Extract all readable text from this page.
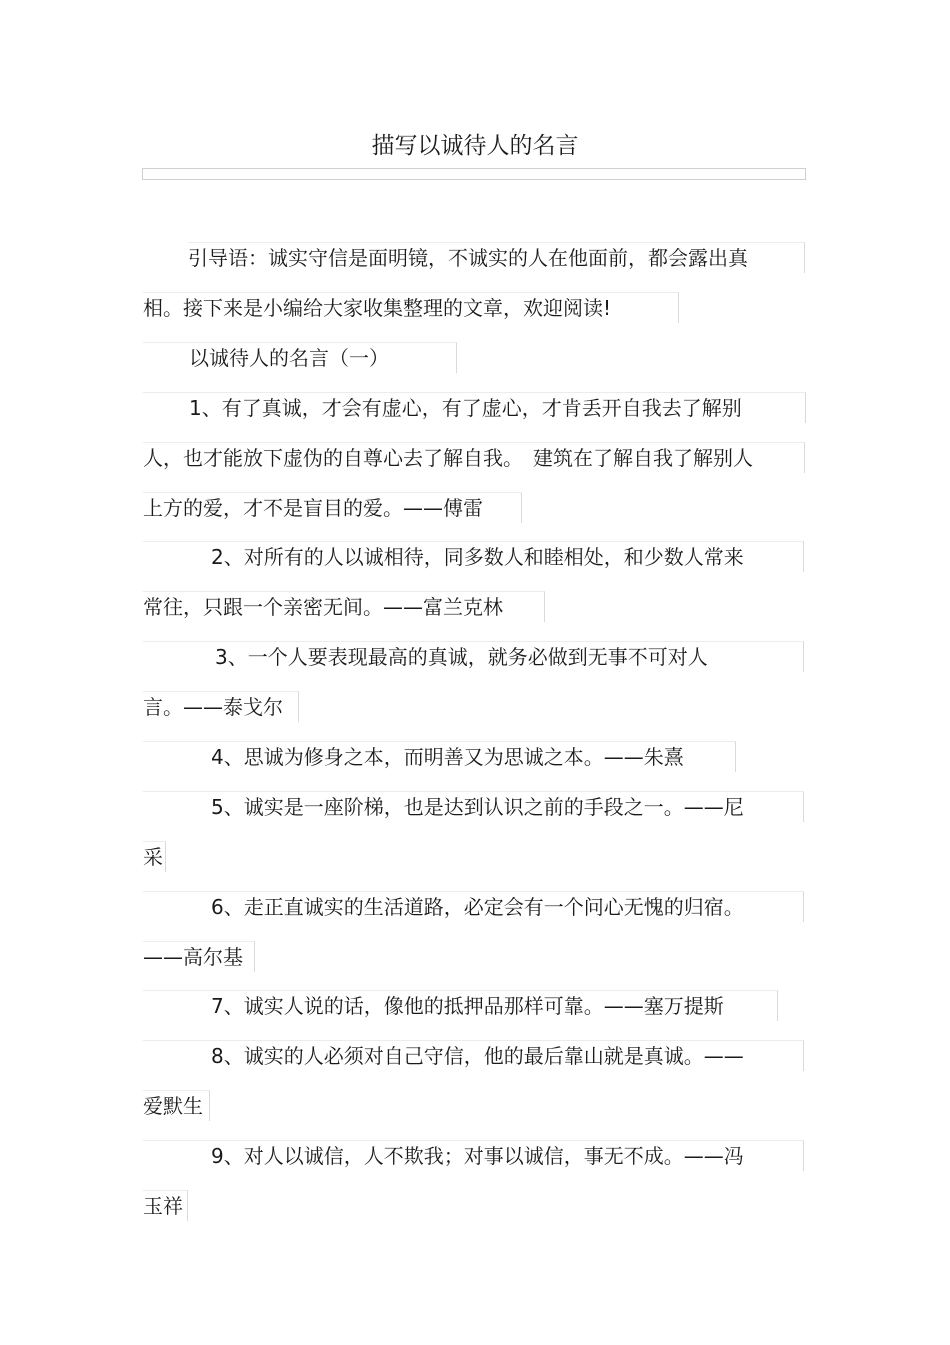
描写以诚待人的名言
引导语：诚实守信是面明镜，不诚实的人在他面前，都会露出真
相。接下来是小编给大家收集整理的文章，欢迎阅读!
以诚待人的名言（一）
1、有了真诚，才会有虚心，有了虚心，才肯丢开自我去了解别
人，也才能放下虚伪的自尊心去了解自我。　建筑在了解自我了解别人
上方的爱，才不是盲目的爱。——傅雷
2、对所有的人以诚相待，同多数人和睦相处，和少数人常来
常往，只跟一个亲密无间。——富兰克林
3、一个人要表现最高的真诚，就务必做到无事不可对人
言。——泰戈尔
4、思诚为修身之本，而明善又为思诚之本。——朱熹
5、诚实是一座阶梯，也是达到认识之前的手段之一。——尼
采
6、走正直诚实的生活道路，必定会有一个问心无愧的归宿。
——高尔基
7、诚实人说的话，像他的抵押品那样可靠。——塞万提斯
8、诚实的人必须对自己守信，他的最后靠山就是真诚。——
爱默生
9、对人以诚信，人不欺我；对事以诚信，事无不成。——冯
玉祥
